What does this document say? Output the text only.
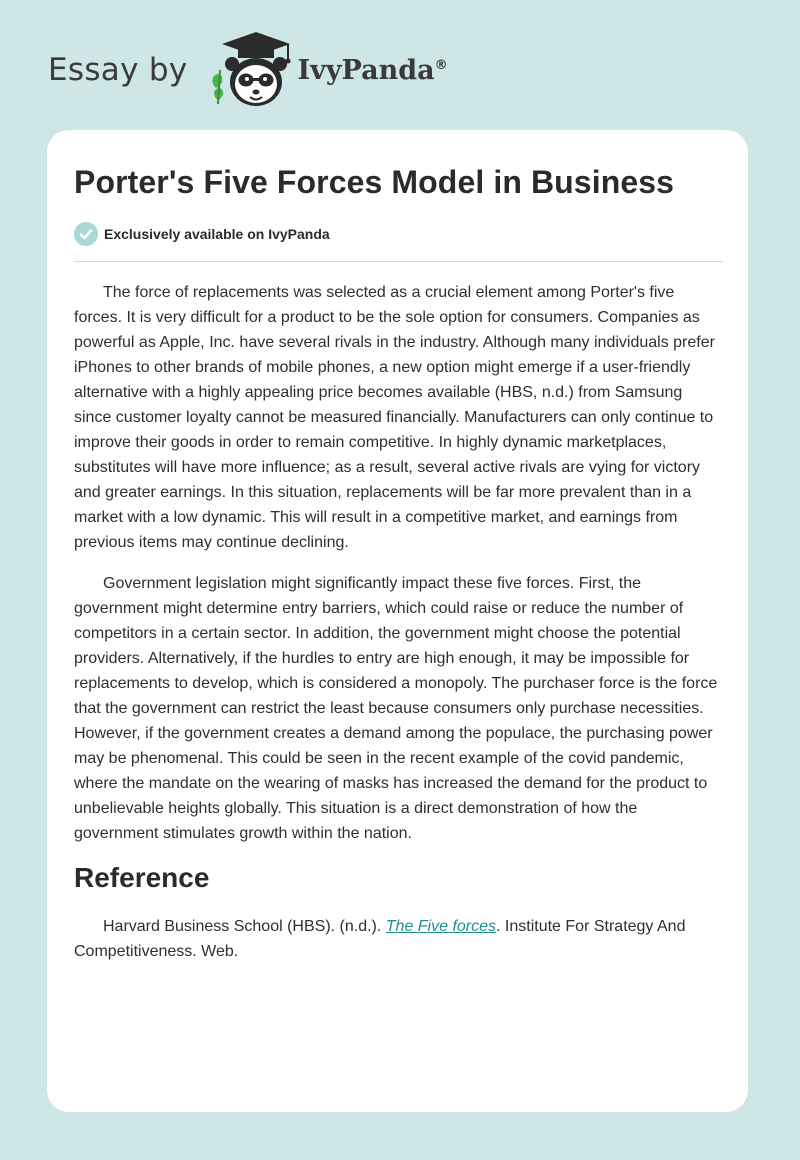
Essay by	IvyPanda®
Porter's Five Forces Model in Business
Exclusively available on IvyPanda

The force of replacements was selected as a crucial element among Porter's five forces. It is very difficult for a product to be the sole option for consumers. Companies as powerful as Apple, Inc. have several rivals in the industry. Although many individuals prefer iPhones to other brands of mobile phones, a new option might emerge if a user-friendly alternative with a highly appealing price becomes available (HBS, n.d.) from Samsung since customer loyalty cannot be measured financially. Manufacturers can only continue to improve their goods in order to remain competitive. In highly dynamic marketplaces, substitutes will have more influence; as a result, several active rivals are vying for victory and greater earnings. In this situation, replacements will be far more prevalent than in a market with a low dynamic. This will result in a competitive market, and earnings from previous items may continue declining.

Government legislation might significantly impact these five forces. First, the government might determine entry barriers, which could raise or reduce the number of competitors in a certain sector. In addition, the government might choose the potential providers. Alternatively, if the hurdles to entry are high enough, it may be impossible for replacements to develop, which is considered a monopoly. The purchaser force is the force that the government can restrict the least because consumers only purchase necessities. However, if the government creates a demand among the populace, the purchasing power may be phenomenal. This could be seen in the recent example of the covid pandemic, where the mandate on the wearing of masks has increased the demand for the product to unbelievable heights globally. This situation is a direct demonstration of how the government stimulates growth within the nation.

Reference

Harvard Business School (HBS). (n.d.). The Five forces. Institute For Strategy And Competitiveness. Web.
